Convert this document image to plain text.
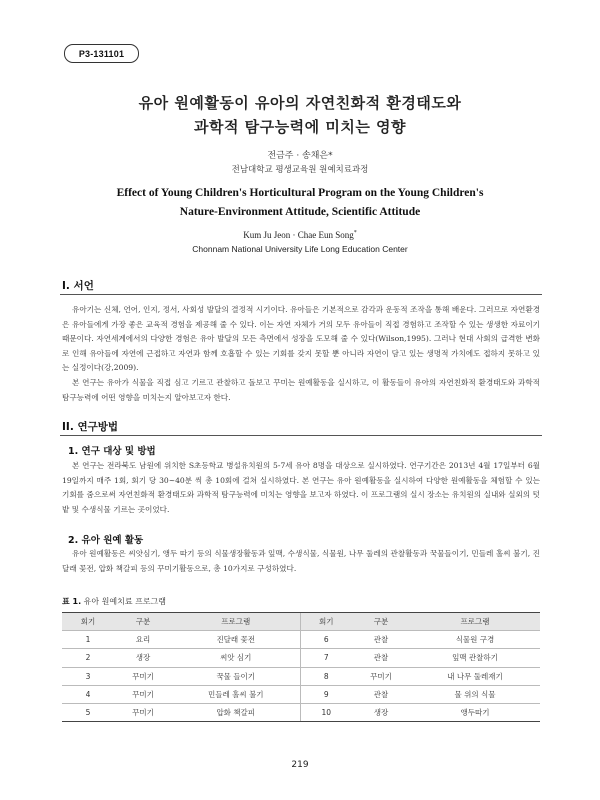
P3-131101
유아 원예활동이 유아의 자연친화적 환경태도와
과학적 탐구능력에 미치는 영향
전금주 · 송채은*
전남대학교 평생교육원 원예치료과정
Effect of Young Children's Horticultural Program on the Young Children's
Nature-Environment Attitude, Scientific Attitude
Kum Ju Jeon · Chae Eun Song*
Chonnam National University Life Long Education Center
I. 서언
유아기는 신체, 언어, 인지, 정서, 사회성 발달의 결정적 시기이다. 유아들은 기본적으로 감각과 운동적 조작을 통해 배운다. 그러므로 자연환경은 유아들에게 가장 좋은 교육적 경험을 제공해 줄 수 있다. 이는 자연 자체가 거의 모두 유아들이 직접 경험하고 조작할 수 있는 생생한 자료이기 때문이다. 자연세계에서의 다양한 경험은 유아 발달의 모든 측면에서 성장을 도모해 줄 수 있다(Wilson,1995). 그러나 현대 사회의 급격한 변화로 인해 유아들에 자연에 근접하고 자연과 함께 호흡할 수 있는 기회를 갖지 못할 뿐 아니라 자연이 담고 있는 생명적 가치에도 접하지 못하고 있는 실정이다(강,2009).
본 연구는 유아가 식물을 직접 심고 기르고 관찰하고 돌보고 꾸미는 원예활동을 실시하고, 이 활동들이 유아의 자연친화적 환경태도와 과학적 탐구능력에 어떤 영향을 미치는지 알아보고자 한다.
II. 연구방법
1. 연구 대상 및 방법
본 연구는 전라북도 남원에 위치한 S초등학교 병설유치원의 5-7세 유아 8명을 대상으로 실시하였다. 연구기간은 2013년 4월 17일부터 6월 19일까지 매주 1회, 회기 당 30~40분 씩 총 10회에 걸쳐 실시하였다. 본 연구는 유아 원예활동을 실시하여 다양한 원예활동을 체험할 수 있는 기회를 줌으로써 자연친화적 환경태도와 과학적 탐구능력에 미치는 영향을 보고자 하였다. 이 프로그램의 실시 장소는 유치원의 실내와 실외의 텃밭 및 수생식물 기르는 곳이었다.
2. 유아 원예 활동
유아 원예활동은 씨앗심기, 앵두 따기 등의 식물생장활동과 잎맥, 수생식물, 식물원, 나무 둘레의 관찰활동과 꾹물들이기, 민들레 홀씨 불기, 진달래 꽃전, 압화 책갈피 등의 꾸미기활동으로, 총 10가지로 구성하였다.
표 1. 유아 원예치료 프로그램
회기	구분	프로그램	회기	구분	프로그램
1	요리	진달래 꽃전	6	관찰	식물원 구경
2	생장	씨앗 심기	7	관찰	잎맥 관찰하기
3	꾸미기	꾹물 들이기	8	꾸미기	내 나무 둘레재기
4	꾸미기	민들레 홀씨 불기	9	관찰	물 위의 식물
5	꾸미기	압화 책갈피	10	생장	앵두따기
219
